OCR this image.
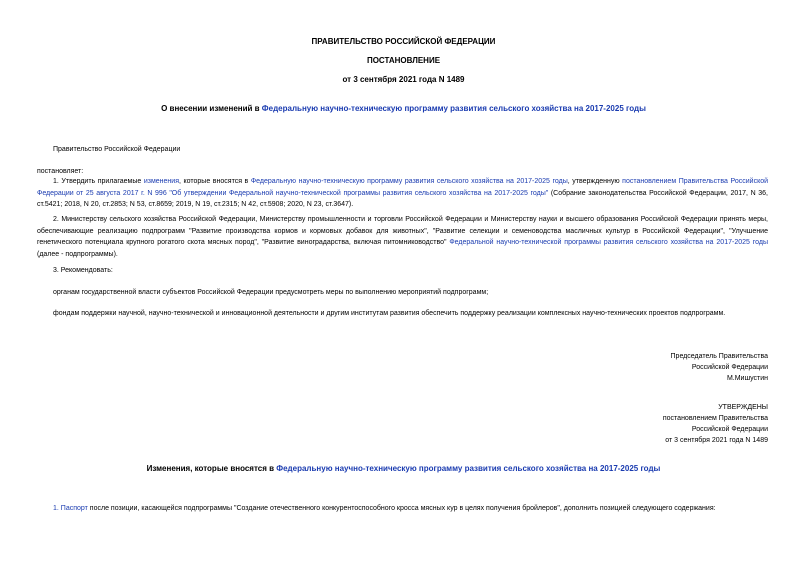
ПРАВИТЕЛЬСТВО РОССИЙСКОЙ ФЕДЕРАЦИИ
ПОСТАНОВЛЕНИЕ
от 3 сентября 2021 года N 1489
О внесении изменений в Федеральную научно-техническую программу развития сельского хозяйства на 2017-2025 годы
Правительство Российской Федерации
постановляет:
1. Утвердить прилагаемые изменения, которые вносятся в Федеральную научно-техническую программу развития сельского хозяйства на 2017-2025 годы, утвержденную постановлением Правительства Российской Федерации от 25 августа 2017 г. N 996 "Об утверждении Федеральной научно-технической программы развития сельского хозяйства на 2017-2025 годы" (Собрание законодательства Российской Федерации, 2017, N 36, ст.5421; 2018, N 20, ст.2853; N 53, ст.8659; 2019, N 19, ст.2315; N 42, ст.5908; 2020, N 23, ст.3647).
2. Министерству сельского хозяйства Российской Федерации, Министерству промышленности и торговли Российской Федерации и Министерству науки и высшего образования Российской Федерации принять меры, обеспечивающие реализацию подпрограмм "Развитие производства кормов и кормовых добавок для животных", "Развитие селекции и семеноводства масличных культур в Российской Федерации", "Улучшение генетического потенциала крупного рогатого скота мясных пород", "Развитие виноградарства, включая питомниководство" Федеральной научно-технической программы развития сельского хозяйства на 2017-2025 годы (далее - подпрограммы).
3. Рекомендовать:
органам государственной власти субъектов Российской Федерации предусмотреть меры по выполнению мероприятий подпрограмм;
фондам поддержки научной, научно-технической и инновационной деятельности и другим институтам развития обеспечить поддержку реализации комплексных научно-технических проектов подпрограмм.
Председатель Правительства
Российской Федерации
М.Мишустин
УТВЕРЖДЕНЫ
постановлением Правительства
Российской Федерации
от 3 сентября 2021 года N 1489
Изменения, которые вносятся в Федеральную научно-техническую программу развития сельского хозяйства на 2017-2025 годы
1. Паспорт после позиции, касающейся подпрограммы "Создание отечественного конкурентоспособного кросса мясных кур в целях получения бройлеров", дополнить позицией следующего содержания:
